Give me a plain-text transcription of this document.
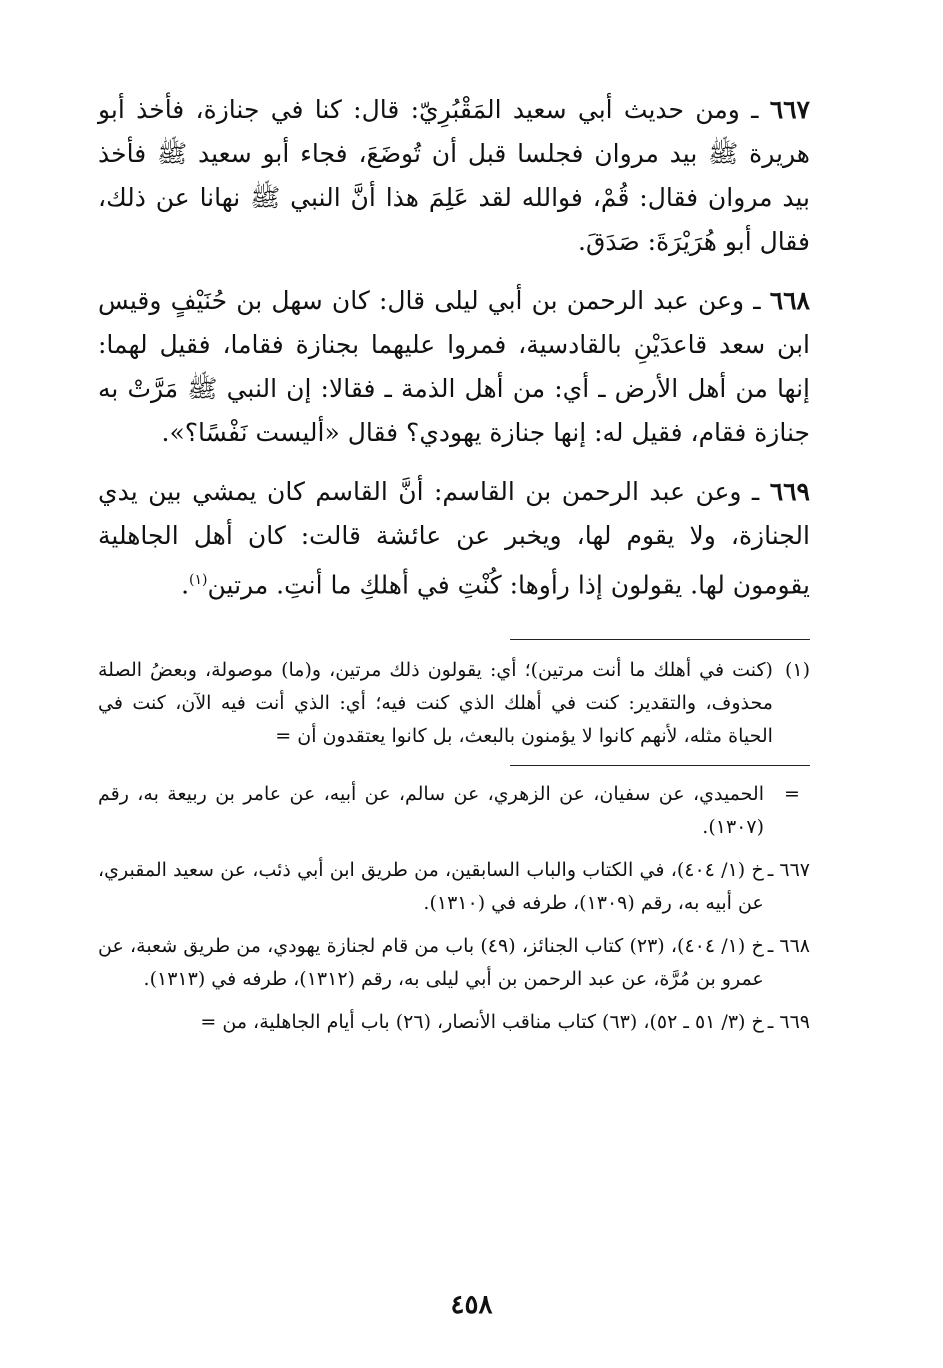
٦٦٧ ـ ومن حديث أبي سعيد المَقْبُرِيّ: قال: كنا في جنازة، فأخذ أبو هريرة ﷺ بيد مروان فجلسا قبل أن تُوضَعَ، فجاء أبو سعيد ﷺ فأخذ بيد مروان فقال: قُمْ، فوالله لقد عَلِمَ هذا أنَّ النبي ﷺ نهانا عن ذلك، فقال أبو هُرَيْرَةَ: صَدَقَ.

٦٦٨ ـ وعن عبد الرحمن بن أبي ليلى قال: كان سهل بن حُنَيْفٍ وقيس ابن سعد قاعدَيْنِ بالقادسية، فمروا عليهما بجنازة فقاما، فقيل لهما: إنها من أهل الأرض ـ أي: من أهل الذمة ـ فقالا: إن النبي ﷺ مَرَّتْ به جنازة فقام، فقيل له: إنها جنازة يهودي؟ فقال «أليست نَفْسًا؟».

٦٦٩ ـ وعن عبد الرحمن بن القاسم: أنَّ القاسم كان يمشي بين يدي الجنازة، ولا يقوم لها، ويخبر عن عائشة قالت: كان أهل الجاهلية يقومون لها. يقولون إذا رأوها: كُنْتِ في أهلكِ ما أنتِ. مرتين$^{(١)}$.

(١)
(كنت في أهلك ما أنت مرتين)؛ أي: يقولون ذلك مرتين، و(ما) موصولة، وبعضُ الصلة محذوف، والتقدير: كنت في أهلك الذي كنت فيه؛ أي: الذي أنت فيه الآن، كنت في الحياة مثله، لأنهم كانوا لا يؤمنون بالبعث، بل كانوا يعتقدون أن =
=
الحميدي، عن سفيان، عن الزهري، عن سالم، عن أبيه، عن عامر بن ربيعة به، رقم (١٣٠٧).
٦٦٧ ـ
خ (١/ ٤٠٤)، في الكتاب والباب السابقين، من طريق ابن أبي ذئب، عن سعيد المقبري، عن أبيه به، رقم (١٣٠٩)، طرفه في (١٣١٠).
٦٦٨ ـ
خ (١/ ٤٠٤)، (٢٣) كتاب الجنائز، (٤٩) باب من قام لجنازة يهودي، من طريق شعبة، عن عمرو بن مُرَّة، عن عبد الرحمن بن أبي ليلى به، رقم (١٣١٢)، طرفه في (١٣١٣).
٦٦٩ ـ
خ (٣/ ٥١ ـ ٥٢)، (٦٣) كتاب مناقب الأنصار، (٢٦) باب أيام الجاهلية، من =
٤٥٨
